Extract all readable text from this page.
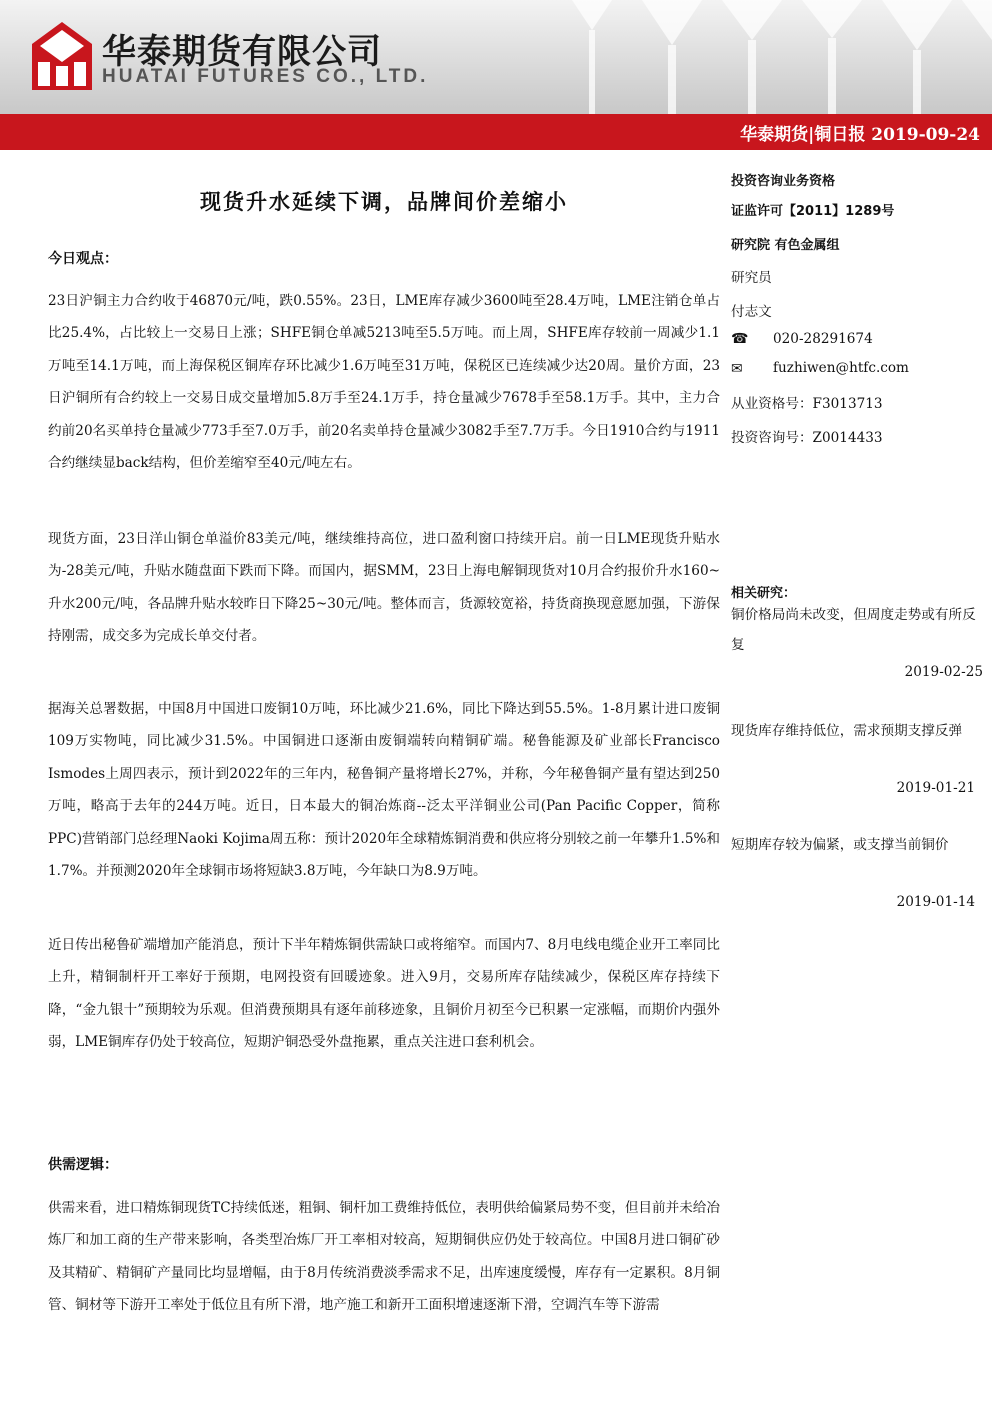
华泰期货有限公司
HUATAI FUTURES CO., LTD.
华泰期货|铜日报 2019-09-24
现货升水延续下调，品牌间价差缩小
今日观点：

23日沪铜主力合约收于46870元/吨，跌0.55%。23日，LME库存减少3600吨至28.4万吨，LME注销仓单占比25.4%，占比较上一交易日上涨；SHFE铜仓单减5213吨至5.5万吨。而上周，SHFE库存较前一周减少1.1万吨至14.1万吨，而上海保税区铜库存环比减少1.6万吨至31万吨，保税区已连续减少达20周。量价方面，23日沪铜所有合约较上一交易日成交量增加5.8万手至24.1万手，持仓量减少7678手至58.1万手。其中，主力合约前20名买单持仓量减少773手至7.0万手，前20名卖单持仓量减少3082手至7.7万手。今日1910合约与1911合约继续显back结构，但价差缩窄至40元/吨左右。

现货方面，23日洋山铜仓单溢价83美元/吨，继续维持高位，进口盈利窗口持续开启。前一日LME现货升贴水为-28美元/吨，升贴水随盘面下跌而下降。而国内，据SMM，23日上海电解铜现货对10月合约报价升水160~升水200元/吨，各品牌升贴水较昨日下降25~30元/吨。整体而言，货源较宽裕，持货商换现意愿加强，下游保持刚需，成交多为完成长单交付者。

据海关总署数据，中国8月中国进口废铜10万吨，环比减少21.6%，同比下降达到55.5%。1-8月累计进口废铜109万实物吨，同比减少31.5%。中国铜进口逐渐由废铜端转向精铜矿端。秘鲁能源及矿业部长Francisco Ismodes上周四表示，预计到2022年的三年内，秘鲁铜产量将增长27%，并称，今年秘鲁铜产量有望达到250万吨，略高于去年的244万吨。近日，日本最大的铜冶炼商--泛太平洋铜业公司(Pan Pacific Copper，简称PPC)营销部门总经理Naoki Kojima周五称：预计2020年全球精炼铜消费和供应将分别较之前一年攀升1.5%和1.7%。并预测2020年全球铜市场将短缺3.8万吨，今年缺口为8.9万吨。

近日传出秘鲁矿端增加产能消息，预计下半年精炼铜供需缺口或将缩窄。而国内7、8月电线电缆企业开工率同比上升，精铜制杆开工率好于预期，电网投资有回暖迹象。进入9月，交易所库存陆续减少，保税区库存持续下降，“金九银十”预期较为乐观。但消费预期具有逐年前移迹象，且铜价月初至今已积累一定涨幅，而期价内强外弱，LME铜库存仍处于较高位，短期沪铜恐受外盘拖累，重点关注进口套利机会。

供需逻辑：

供需来看，进口精炼铜现货TC持续低迷，粗铜、铜杆加工费维持低位，表明供给偏紧局势不变，但目前并未给冶炼厂和加工商的生产带来影响，各类型冶炼厂开工率相对较高，短期铜供应仍处于较高位。中国8月进口铜矿砂及其精矿、精铜矿产量同比均显增幅，由于8月传统消费淡季需求不足，出库速度缓慢，库存有一定累积。8月铜管、铜材等下游开工率处于低位且有所下滑，地产施工和新开工面积增速逐渐下滑，空调汽车等下游需

投资咨询业务资格
证监许可【2011】1289号
研究院 有色金属组
研究员
付志文
☎ 020-28291674
✉	fuzhiwen@htfc.com
从业资格号：F3013713
投资咨询号：Z0014433
相关研究：

铜价格局尚未改变，但周度走势或有所反复

2019-02-25

现货库存维持低位，需求预期支撑反弹

2019-01-21

短期库存较为偏紧，或支撑当前铜价

2019-01-14
